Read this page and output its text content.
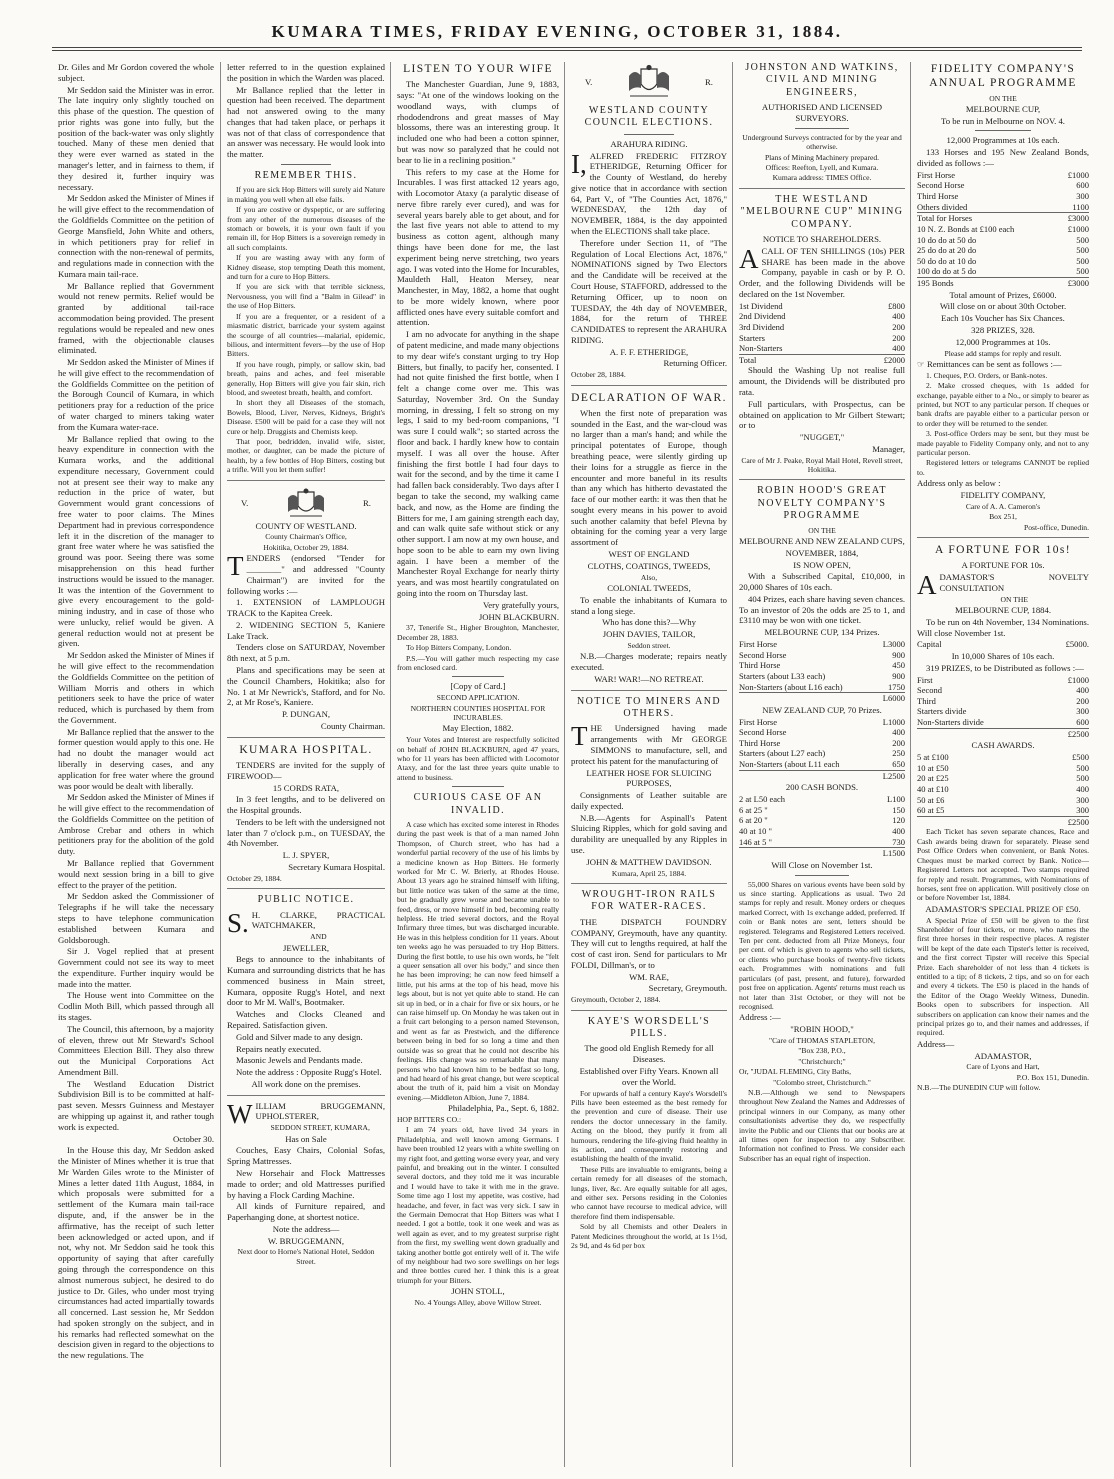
KUMARA TIMES, FRIDAY EVENING, OCTOBER 31, 1884.

Dr. Giles and Mr Gordon covered the whole subject.

Mr Seddon said the Minister was in error. The late inquiry only slightly touched on this phase of the question. The question of prior rights was gone into fully, but the position of the back-water was only slightly touched. Many of these men denied that they were ever warned as stated in the manager's letter, and in fairness to them, if they desired it, further inquiry was necessary.

Mr Seddon asked the Minister of Mines if he will give effect to the recommendation of the Goldfields Committee on the petition of George Mansfield, John White and others, in which petitioners pray for relief in connection with the non-renewal of permits, and regulations made in connection with the Kumara main tail-race.

Mr Ballance replied that Government would not renew permits. Relief would be granted by additional tail-race accommodation being provided. The present regulations would be repealed and new ones framed, with the objectionable clauses eliminated.

Mr Seddon asked the Minister of Mines if he will give effect to the recommendation of the Goldfields Committee on the petition of the Borough Council of Kumara, in which petitioners pray for a reduction of the price of water charged to miners taking water from the Kumara water-race.

Mr Ballance replied that owing to the heavy expenditure in connection with the Kumara works, and the additional expenditure necessary, Government could not at present see their way to make any reduction in the price of water, but Government would grant concessions of free water to poor claims. The Mines Department had in previous correspondence left it in the discretion of the manager to grant free water where he was satisfied the ground was poor. Seeing there was some misapprehension on this head further instructions would be issued to the manager. It was the intention of the Government to give every encouragement to the gold-mining industry, and in case of those who were unlucky, relief would be given. A general reduction would not at present be given.

Mr Seddon asked the Minister of Mines if he will give effect to the recommendation the Goldfields Committee on the petition of William Morris and others in which petitioners seek to have the price of water reduced, which is purchased by them from the Government.

Mr Ballance replied that the answer to the former question would apply to this one. He had no doubt the manager would act liberally in deserving cases, and any application for free water where the ground was poor would be dealt with liberally.

Mr Seddon asked the Minister of Mines if he will give effect to the recommendation of the Goldfields Committee on the petition of Ambrose Crebar and others in which petitioners pray for the abolition of the gold duty.

Mr Ballance replied that Government would next session bring in a bill to give effect to the prayer of the petition.

Mr Seddon asked the Commissioner of Telegraphs if he will take the necessary steps to have telephone communication established between Kumara and Goldsborough.

Sir J. Vogel replied that at present Government could not see its way to meet the expenditure. Further inquiry would be made into the matter.

The House went into Committee on the Codlin Moth Bill, which passed through all its stages.

The Council, this afternoon, by a majority of eleven, threw out Mr Steward's School Committees Election Bill. They also threw out the Municipal Corporations Act Amendment Bill.

The Westland Education District Subdivision Bill is to be committed at half-past seven. Messrs Guinness and Mestayer are whipping up against it, and rather tough work is expected.

October 30.

In the House this day, Mr Seddon asked the Minister of Mines whether it is true that Mr Warden Giles wrote to the Minister of Mines a letter dated 11th August, 1884, in which proposals were submitted for a settlement of the Kumara main tail-race dispute, and, if the answer be in the affirmative, has the receipt of such letter been acknowledged or acted upon, and if not, why not. Mr Seddon said he took this opportunity of saying that after carefully going through the correspondence on this almost numerous subject, he desired to do justice to Dr. Giles, who under most trying circumstances had acted impartially towards all concerned. Last session he, Mr Seddon had spoken strongly on the subject, and in his remarks had reflected somewhat on the descision given in regard to the objections to the new regulations. The

letter referred to in the question explained the position in which the Warden was placed.

Mr Ballance replied that the letter in question had been received. The department had not answered owing to the many changes that had taken place, or perhaps it was not of that class of correspondence that an answer was necessary. He would look into the matter.

REMEMBER THIS.

If you are sick Hop Bitters will surely aid Nature in making you well when all else fails.

If you are costive or dyspeptic, or are suffering from any other of the numerous diseases of the stomach or bowels, it is your own fault if you remain ill, for Hop Bitters is a sovereign remedy in all such complaints.

If you are wasting away with any form of Kidney disease, stop tempting Death this moment, and turn for a cure to Hop Bitters.

If you are sick with that terrible sickness, Nervousness, you will find a "Balm in Gilead" in the use of Hop Bitters.

If you are a frequenter, or a resident of a miasmatic district, barricade your system against the scourge of all countries—malarial, epidemic, bilious, and intermittent fevers—by the use of Hop Bitters.

If you have rough, pimply, or sallow skin, bad breath, pains and aches, and feel miserable generally, Hop Bitters will give you fair skin, rich blood, and sweetest breath, health, and comfort.

In short they all Diseases of the stomach, Bowels, Blood, Liver, Nerves, Kidneys, Bright's Disease. £500 will be paid for a case they will not cure or help. Druggists and Chemists keep.

That poor, bedridden, invalid wife, sister, mother, or daughter, can be made the picture of health, by a few bottles of Hop Bitters, costing but a trifle. Will you let them suffer!

V.	R.
COUNTY OF WESTLAND.
County Chairman's Office,
Hokitika, October 29, 1884.

TENDERS (endorsed "Tender for ________" and addressed "County Chairman") are invited for the following works :—

1. EXTENSION of LAMPLOUGH TRACK to the Kapitea Creek.

2. WIDENING SECTION 5, Kaniere Lake Track.

Tenders close on SATURDAY, November 8th next, at 5 p.m.

Plans and specifications may be seen at the Council Chambers, Hokitika; also for No. 1 at Mr Newrick's, Stafford, and for No. 2, at Mr Rose's, Kaniere.

P. DUNGAN,
County Chairman.
KUMARA HOSPITAL.

TENDERS are invited for the supply of FIREWOOD—

15 CORDS RATA,

In 3 feet lengths, and to be delivered on the Hospital grounds.

Tenders to be left with the undersigned not later than 7 o'clock p.m., on TUESDAY, the 4th November.

L. J. SPYER,
Secretary Kumara Hospital.
October 29, 1884.
PUBLIC NOTICE.

S.H. CLARKE, PRACTICAL WATCHMAKER,

AND
JEWELLER,

Begs to announce to the inhabitants of Kumara and surrounding districts that he has commenced business in Main street, Kumara, opposite Rugg's Hotel, and next door to Mr M. Wall's, Bootmaker.

Watches and Clocks Cleaned and Repaired. Satisfaction given.

Gold and Silver made to any design.

Repairs neatly executed.

Masonic Jewels and Pendants made.

Note the address : Opposite Rugg's Hotel.

All work done on the premises.

WILLIAM BRUGGEMANN, UPHOLSTERER,

SEDDON STREET, KUMARA,
Has on Sale

Couches, Easy Chairs, Colonial Sofas, Spring Mattresses.

New Horsehair and Flock Mattresses made to order; and old Mattresses purified by having a Flock Carding Machine.

All kinds of Furniture repaired, and Paperhanging done, at shortest notice.

Note the address—
W. BRUGGEMANN,
Next door to Horne's National Hotel, Seddon Street.
LISTEN TO YOUR WIFE

The Manchester Guardian, June 9, 1883, says: "At one of the windows looking on the woodland ways, with clumps of rhododendrons and great masses of May blossoms, there was an interesting group. It included one who had been a cotton spinner, but was now so paralyzed that he could not bear to lie in a reclining position."

This refers to my case at the Home for Incurables. I was first attacked 12 years ago, with Locomotor Ataxy (a paralytic disease of nerve fibre rarely ever cured), and was for several years barely able to get about, and for the last five years not able to attend to my business as cotton agent, although many things have been done for me, the last experiment being nerve stretching, two years ago. I was voted into the Home for Incurables, Mauldeth Hall, Heaton Mersey, near Manchester, in May, 1882, a home that ought to be more widely known, where poor afflicted ones have every suitable comfort and attention.

I am no advocate for anything in the shape of patent medicine, and made many objections to my dear wife's constant urging to try Hop Bitters, but finally, to pacify her, consented. I had not quite finished the first bottle, when I felt a change come over me. This was Saturday, November 3rd. On the Sunday morning, in dressing, I felt so strong on my legs, I said to my bed-room companions, "I was sure I could walk"; so started across the floor and back. I hardly knew how to contain myself. I was all over the house. After finishing the first bottle I had four days to wait for the second, and by the time it came I had fallen back considerably. Two days after I began to take the second, my walking came back, and now, as the Home are finding the Bitters for me, I am gaining strength each day, and can walk quite safe without stick or any other support. I am now at my own house, and hope soon to be able to earn my own living again. I have been a member of the Manchester Royal Exchange for nearly thirty years, and was most heartily congratulated on going into the room on Thursday last.

Very gratefully yours,
JOHN BLACKBURN.

37, Tenerife St., Higher Broughton, Manchester, December 28, 1883.

To Hop Bitters Company, London.

P.S.—You will gather much respecting my case from enclosed card.

[Copy of Card.]
SECOND APPLICATION.
NORTHERN COUNTIES HOSPITAL FOR INCURABLES.
May Election, 1882.

Your Votes and Interest are respectfully solicited on behalf of JOHN BLACKBURN, aged 47 years, who for 11 years has been afflicted with Locomotor Ataxy, and for the last three years quite unable to attend to business.

CURIOUS CASE OF AN INVALID.

A case which has excited some interest in Rhodes during the past week is that of a man named John Thompson, of Church street, who has had a wonderful partial recovery of the use of his limbs by a medicine known as Hop Bitters. He formerly worked for Mr C. W. Brierly, at Rhodes House. About 13 years ago he strained himself with lifting, but little notice was taken of the same at the time, but he gradually grew worse and became unable to feed, dress, or move himself in bed, becoming really helpless. He tried several doctors, and the Royal Infirmary three times, but was discharged incurable. He was in this helpless condition for 11 years. About ten weeks ago he was persuaded to try Hop Bitters. During the first bottle, to use his own words, he "felt a queer sensation all over his body," and since then he has been improving; he can now feed himself a little, put his arms at the top of his head, move his legs about, but is not yet quite able to stand. He can sit up in bed, or in a chair for five or six hours, or he can raise himself up. On Monday he was taken out in a fruit cart belonging to a person named Stevenson, and went as far as Prestwich, and the difference between being in bed for so long a time and then outside was so great that he could not describe his feelings. His change was so remarkable that many persons who had known him to be bedfast so long, and had heard of his great change, but were sceptical about the truth of it, paid him a visit on Monday evening.—Middleton Albion, June 7, 1884.

Philadelphia, Pa., Sept. 6, 1882.

HOP BITTERS CO.:

I am 74 years old, have lived 34 years in Philadelphia, and well known among Germans. I have been troubled 12 years with a white swelling on my right foot, and getting worse every year, and very painful, and breaking out in the winter. I consulted several doctors, and they told me it was incurable and I would have to take it with me in the grave. Some time ago I lost my appetite, was costive, had headache, and fever, in fact was very sick. I saw in the Germain Democrat that Hop Bitters was what I needed. I got a bottle, took it one week and was as well again as ever, and to my greatest surprise right from the first, my swelling went down gradually and taking another bottle got entirely well of it. The wife of my neighbour had two sore swellings on her legs and three bottles cured her. I think this is a great triumph for your Bitters.

JOHN STOLL,
No. 4 Youngs Alley, above Willow Street.
V.	R.
WESTLAND COUNTY COUNCIL ELECTIONS.
ARAHURA RIDING.

I,ALFRED FREDERIC FITZROY ETHERIDGE, Returning Officer for the County of Westland, do hereby give notice that in accordance with section 64, Part V., of "The Counties Act, 1876," WEDNESDAY, the 12th day of NOVEMBER, 1884, is the day appointed when the ELECTIONS shall take place.

Therefore under Section 11, of "The Regulation of Local Elections Act, 1876," NOMINATIONS signed by Two Electors and the Candidate will be received at the Court House, STAFFORD, addressed to the Returning Officer, up to noon on TUESDAY, the 4th day of NOVEMBER, 1884, for the return of THREE CANDIDATES to represent the ARAHURA RIDING.

A. F. F. ETHERIDGE,
Returning Officer.
October 28, 1884.
DECLARATION OF WAR.

When the first note of preparation was sounded in the East, and the war-cloud was no larger than a man's hand; and while the principal potentates of Europe, though breathing peace, were silently girding up their loins for a struggle as fierce in the encounter and more baneful in its results than any which has hitherto devastated the face of our mother earth: it was then that he sought every means in his power to avoid such another calamity that befel Plevna by obtaining for the coming year a very large assortment of

WEST OF ENGLAND
CLOTHS, COATINGS, TWEEDS,
Also,
COLONIAL TWEEDS,

To enable the inhabitants of Kumara to stand a long siege.

Who has done this?—Why
JOHN DAVIES, TAILOR,
Seddon street.

N.B.—Charges moderate; repairs neatly executed.

WAR! WAR!—NO RETREAT.
NOTICE TO MINERS AND OTHERS.

THE Undersigned having made arrangements with Mr GEORGE SIMMONS to manufacture, sell, and protect his patent for the manufacturing of

LEATHER HOSE FOR SLUICING PURPOSES,

Consignments of Leather suitable are daily expected.

N.B.—Agents for Aspinall's Patent Sluicing Ripples, which for gold saving and durability are unequalled by any Ripples in use.

JOHN & MATTHEW DAVIDSON.
Kumara, April 25, 1884.
WROUGHT-IRON RAILS FOR WATER-RACES.

THE DISPATCH FOUNDRY COMPANY, Greymouth, have any quantity. They will cut to lengths required, at half the cost of cast iron. Send for particulars to Mr FOLDI, Dillman's, or to

WM. RAE,
Secretary, Greymouth.
Greymouth, October 2, 1884.
KAYE'S WORSDELL'S PILLS.
The good old English Remedy for all Diseases.
Established over Fifty Years. Known all over the World.

For upwards of half a century Kaye's Worsdell's Pills have been esteemed as the best remedy for the prevention and cure of disease. Their use renders the doctor unnecessary in the family. Acting on the blood, they purify it from all humours, rendering the life-giving fluid healthy in its action, and consequently restoring and establishing the health of the invalid.

These Pills are invaluable to emigrants, being a certain remedy for all diseases of the stomach, lungs, liver, &c. Are equally suitable for all ages, and either sex. Persons residing in the Colonies who cannot have recourse to medical advice, will therefore find them indispensable.

Sold by all Chemists and other Dealers in Patent Medicines throughout the world, at 1s 1½d, 2s 9d, and 4s 6d per box

JOHNSTON AND WATKINS, CIVIL AND MINING ENGINEERS,
AUTHORISED AND LICENSED SURVEYORS.
Underground Surveys contracted for by the year and otherwise.
Plans of Mining Machinery prepared.
Offices: Reefton, Lyell, and Kumara.
Kumara address: TIMES Office.
THE WESTLAND "MELBOURNE CUP" MINING COMPANY.
NOTICE TO SHAREHOLDERS.

ACALL OF TEN SHILLINGS (10s) PER SHARE has been made in the above Company, payable in cash or by P. O. Order, and the following Dividends will be declared on the 1st November.

1st Dividend	£800
2nd Dividend	400
3rd Dividend	200
Starters	200
Non-Starters	400
Total	£2000

Should the Washing Up not realise full amount, the Dividends will be distributed pro rata.

Full particulars, with Prospectus, can be obtained on application to Mr Gilbert Stewart; or to

"NUGGET,"
Manager,
Care of Mr J. Peake, Royal Mail Hotel, Revell street, Hokitika.
ROBIN HOOD'S GREAT NOVELTY COMPANY'S PROGRAMME
ON THE
MELBOURNE AND NEW ZEALAND CUPS,
NOVEMBER, 1884,
IS NOW OPEN,

With a Subscribed Capital, £10,000, in 20,000 Shares of 10s each.

404 Prizes, each share having seven chances. To an investor of 20s the odds are 25 to 1, and £3110 may be won with one ticket.

MELBOURNE CUP, 134 Prizes.
First Horse	L3000
Second Horse	900
Third Horse	450
Starters (about L33 each)	900
Non-Starters (about L16 each)	1750
	L6000
NEW ZEALAND CUP, 70 Prizes.
First Horse	L1000
Second Horse	400
Third Horse	200
Starters (about L27 each)	250
Non-Starters (about L11 each	650
	L2500
200 CASH BONDS.
2 at L50 each	L100
6 at 25 "	150
6 at 20 "	120
40 at 10 "	400
146 at 5 "	730
	L1500
Will Close on November 1st.

55,000 Shares on various events have been sold by us since starting. Applications as usual. Two 2d stamps for reply and result. Money orders or cheques marked Correct, with 1s exchange added, preferred. If coin or Bank notes are sent, letters should be registered. Telegrams and Registered Letters received. Ten per cent. deducted from all Prize Moneys, four per cent. of which is given to agents who sell tickets, or clients who purchase books of twenty-five tickets each. Programmes with nominations and full particulars (of past, present, and future), forwarded post free on application. Agents' returns must reach us not later than 31st October, or they will not be recognised.

Address :—

"ROBIN HOOD,"
"Care of THOMAS STAPLETON,
"Box 238, P.O.,
"Christchurch;"

Or, "JUDAL FLEMING, City Baths,

"Colombo street, Christchurch."

N.B.—Although we send to Newspapers throughout New Zealand the Names and Addresses of principal winners in our Company, as many other consultationists advertise they do, we respectfully invite the Public and our Clients that our books are at all times open for inspection to any Subscriber. Information not confined to Press. We consider each Subscriber has an equal right of inspection.

FIDELITY COMPANY'S ANNUAL PROGRAMME
ON THE
MELBOURNE CUP,
To be run in Melbourne on NOV. 4.
12,000 Programmes at 10s each.

133 Horses and 195 New Zealand Bonds, divided as follows :—

First Horse	£1000
Second Horse	600
Third Horse	300
Others divided	1100
Total for Horses	£3000
10 N. Z. Bonds at £100 each	£1000
10 do do at 50 do	500
25 do do at 20 do	500
50 do do at 10 do	500
100 do do at 5 do	500
195 Bonds	£3000
Total amount of Prizes, £6000.
Will close on or about 30th October.
Each 10s Voucher has Six Chances.
328 PRIZES, 328.
12,000 Programmes at 10s.
Please add stamps for reply and result.

☞ Remittances can be sent as follows :—

1. Cheques, P.O. Orders, or Bank-notes.

2. Make crossed cheques, with 1s added for exchange, payable either to a No., or simply to bearer as printed, but NOT to any particular person. If cheques or bank drafts are payable either to a particular person or to order they will be returned to the sender.

3. Post-office Orders may be sent, but they must be made payable to Fidelity Company only, and not to any particular person.

Registered letters or telegrams CANNOT be replied to.

Address only as below :
FIDELITY COMPANY,
Care of A. A. Cameron's
Box 251,
Post-office, Dunedin.
A FORTUNE FOR 10s!
A FORTUNE FOR 10s.

ADAMASTOR'S NOVELTY CONSULTATION

ON THE
MELBOURNE CUP, 1884.

To be run on 4th November, 134 Nominations. Will close November 1st.

Capital	£5000.
In 10,000 Shares of 10s each.

319 PRIZES, to be Distributed as follows :—

First	£1000
Second	400
Third	200
Starters divide	300
Non-Starters divide	600
	£2500
CASH AWARDS.
5 at £100	£500
10 at £50	500
20 at £25	500
40 at £10	400
50 at £6	300
60 at £5	300
	£2500

Each Ticket has seven separate chances, Race and Cash awards being drawn for separately. Please send Post Office Orders when convenient, or Bank Notes. Cheques must be marked correct by Bank. Notice—Registered Letters not accepted. Two stamps required for reply and result. Programmes, with Nominations of horses, sent free on application. Will positively close on or before November 1st, 1884.

ADAMASTOR'S SPECIAL PRIZE OF £50.

A Special Prize of £50 will be given to the first Shareholder of four tickets, or more, who names the first three horses in their respective places. A register will be kept of the date each Tipster's letter is received, and the first correct Tipster will receive this Special Prize. Each shareholder of not less than 4 tickets is entitled to a tip; of 8 tickets, 2 tips, and so on for each and every 4 tickets. The £50 is placed in the hands of the Editor of the Otago Weekly Witness, Dunedin. Books open to subscribers for inspection. All subscribers on application can know their names and the principal prizes go to, and their names and addresses, if required.

Address—
ADAMASTOR,
Care of Lyons and Hart,
P.O. Box 151, Dunedin.

N.B.—The DUNEDIN CUP will follow.
